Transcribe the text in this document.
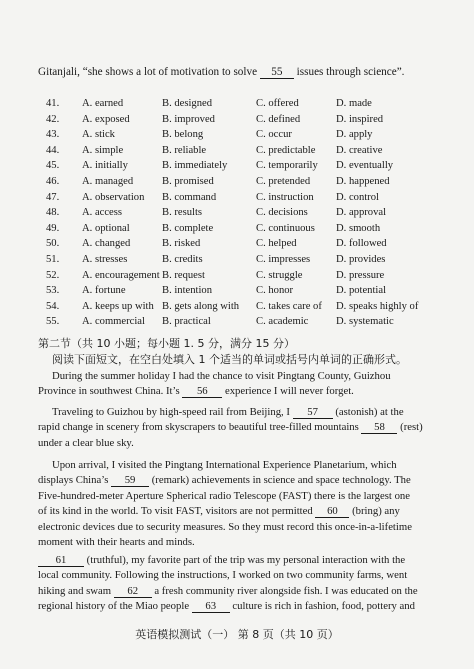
Gitanjali, “she shows a lot of motivation to solve 55 issues through science”.
41.	A. earned	B. designed	C. offered	D. made
42.	A. exposed	B. improved	C. defined	D. inspired
43.	A. stick	B. belong	C. occur	D. apply
44.	A. simple	B. reliable	C. predictable	D. creative
45.	A. initially	B. immediately	C. temporarily	D. eventually
46.	A. managed	B. promised	C. pretended	D. happened
47.	A. observation	B. command	C. instruction	D. control
48.	A. access	B. results	C. decisions	D. approval
49.	A. optional	B. complete	C. continuous	D. smooth
50.	A. changed	B. risked	C. helped	D. followed
51.	A. stresses	B. credits	C. impresses	D. provides
52.	A. encouragement B. request	C. struggle	D. pressure
53.	A. fortune	B. intention	C. honor	D. potential
54.	A. keeps up with B. gets along with	C. takes care of	D. speaks highly of
55.	A. commercial	B. practical	C. academic	D. systematic
第二节（共 10 小题；每小题 1. 5 分，满分 15 分）
阅读下面短文，在空白处填入 1 个适当的单词或括号内单词的正确形式。
During the summer holiday I had the chance to visit Pingtang County, Guizhou
Province in southwest China. It’s 56 experience I will never forget.
Traveling to Guizhou by high-speed rail from Beijing, I 57 (astonish) at the
rapid change in scenery from skyscrapers to beautiful tree-filled mountains 58 (rest)
under a clear blue sky.
Upon arrival, I visited the Pingtang International Experience Planetarium, which
displays China’s 59 (remark) achievements in science and space technology. The
Five-hundred-meter Aperture Spherical radio Telescope (FAST) there is the largest one
of its kind in the world. To visit FAST, visitors are not permitted 60 (bring) any
electronic devices due to security measures. So they must record this once-in-a-lifetime
moment with their hearts and minds.
61 (truthful), my favorite part of the trip was my personal interaction with the
local community. Following the instructions, I worked on two community farms, went
hiking and swam 62 a fresh community river alongside fish. I was educated on the
regional history of the Miao people 63 culture is rich in fashion, food, pottery and
英语模拟测试（一） 第 8 页（共 10 页）
